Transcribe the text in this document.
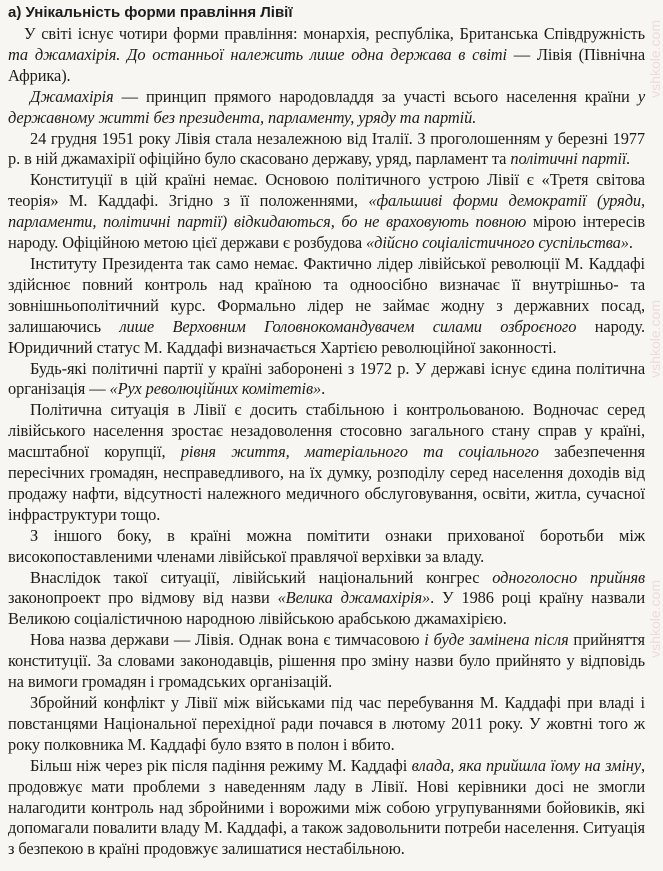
а) Унікальність форми правління Лівії

У світі існує чотири форми правління: монархія, республіка, Британська Співдружність та джамахірія. До останньої належить лише одна держава в світі — Лівія (Північна Африка).

Джамахірія — принцип прямого народовладдя за участі всього населення країни у державному житті без президента, парламенту, уряду та партій.

24 грудня 1951 року Лівія стала незалежною від Італії. З проголошенням у березні 1977 р. в ній джамахірії офіційно було скасовано державу, уряд, парламент та політичні партії.

Конституції в цій країні немає. Основою політичного устрою Лівії є «Третя світова теорія» М. Каддафі. Згідно з її положеннями, «фальшиві форми демократії (уряди, парламенти, політичні партії) відкидаються, бо не враховують повною мірою інтересів народу. Офіційною метою цієї держави є розбудова «дійсно соціалістичного суспільства».

Інституту Президента так само немає. Фактично лідер лівійської революції М. Каддафі здійснює повний контроль над країною та одноосібно визначає її внутрішньо- та зовнішньополітичний курс. Формально лідер не займає жодну з державних посад, залишаючись лише Верховним Головнокомандувачем силами озброєного народу. Юридичний статус М. Каддафі визначається Хартією революційної законності.

Будь-які політичні партії у країні заборонені з 1972 р. У державі існує єдина політична організація — «Рух революційних комітетів».

Політична ситуація в Лівії є досить стабільною і контрольованою. Водночас серед лівійського населення зростає незадоволення стосовно загального стану справ у країні, масштабної корупції, рівня життя, матеріального та соціального забезпечення пересічних громадян, несправедливого, на їх думку, розподілу серед населення доходів від продажу нафти, відсутності належного медичного обслуговування, освіти, житла, сучасної інфраструктури тощо.

З іншого боку, в країні можна помітити ознаки прихованої боротьби між високопоставленими членами лівійської правлячої верхівки за владу.

Внаслідок такої ситуації, лівійський національний конгрес одноголосно прийняв законопроект про відмову від назви «Велика джамахірія». У 1986 році країну назвали Великою соціалістичною народною лівійською арабською джамахірією.

Нова назва держави — Лівія. Однак вона є тимчасовою і буде замінена після прийняття конституції. За словами законодавців, рішення про зміну назви було прийнято у відповідь на вимоги громадян і громадських організацій.

Збройний конфлікт у Лівії між військами під час перебування М. Каддафі при владі і повстанцями Національної перехідної ради почався в лютому 2011 року. У жовтні того ж року полковника М. Каддафі було взято в полон і вбито.

Більш ніж через рік після падіння режиму М. Каддафі влада, яка прийшла їому на зміну, продовжує мати проблеми з наведенням ладу в Лівії. Нові керівники досі не змогли налагодити контроль над збройними і ворожими між собою угрупуваннями бойовиків, які допомагали повалити владу М. Каддафі, а також задовольнити потреби населення. Ситуація з безпекою в країні продовжує залишатися нестабільною.

vshkole.com
vshkole.com
vshkole.com
